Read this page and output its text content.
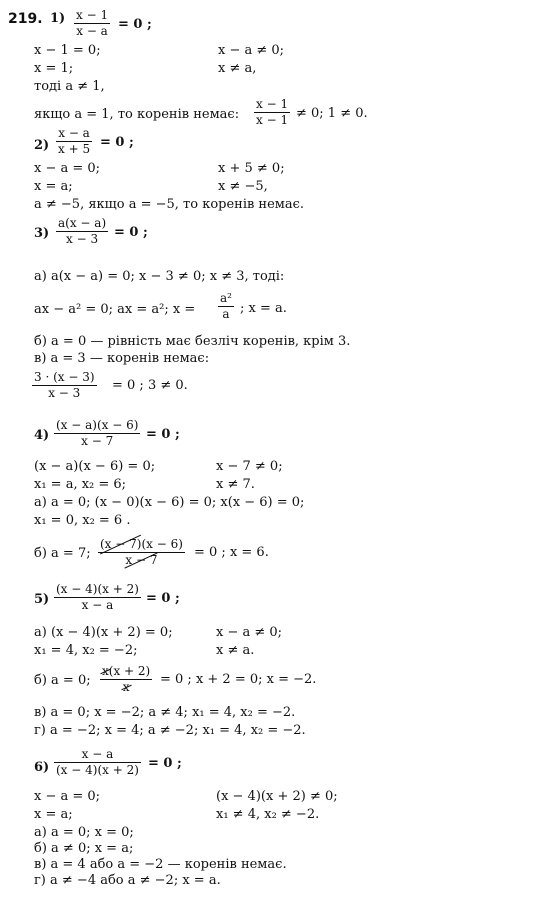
219. $1) \frac{x - 1}{x - a} = 0$ ;
x − 1 = 0;	x − a ≠ 0;
x = 1;	x ≠ a,
тоді a ≠ 1,
якщо a = 1, то коренів немає: $\frac{x - 1}{x - 1} \ne 0$; 1 ≠ 0.
$2) \frac{x - a}{x + 5} = 0$ ;
x − a = 0;	x + 5 ≠ 0;
x = a;	x ≠ −5,
a ≠ −5, якщо a = −5, то коренів немає.
$3) \frac{a(x - a)}{x - 3} = 0$ ;
а) a(x − a) = 0; x − 3 ≠ 0; x ≠ 3, тоді:
ax − a² = 0; ax = a²; $x = \frac{\text{a²}}{a}$ ; x = a.
б) a = 0 — рівність має безліч коренів, крім 3.
в) a = 3 — коренів немає:
$\frac{3 \cdot (x - 3)}{x - 3} = 0$ ; 3 ≠ 0.
$4) \frac{(x - a)(x - 6)}{x - 7} = 0$ ;
(x − a)(x − 6) = 0;	x − 7 ≠ 0;
x₁ = a, x₂ = 6;	x ≠ 7.
а) a = 0; (x − 0)(x − 6) = 0; x(x − 6) = 0;
x₁ = 0, x₂ = 6 .
б) a = 7; (x − 7)
(x − 6)
x − 7 = 0 ; x = 6.
$5) \frac{(x - 4)(x + 2)}{x - a} = 0$ ;
а) (x − 4)(x + 2) = 0;	x − a ≠ 0;
x₁ = 4, x₂ = −2;	x ≠ a.
б) a = 0; x
(x + 2)
x = 0 ; x + 2 = 0; x = −2.
в) a = 0; x = −2; a ≠ 4; x₁ = 4, x₂ = −2.
г) a = −2; x = 4; a ≠ −2; x₁ = 4, x₂ = −2.
$6) \frac{x - a}{(x - 4)(x + 2)} = 0$ ;
x − a = 0;	(x − 4)(x + 2) ≠ 0;
x = a;	x₁ ≠ 4, x₂ ≠ −2.
а) a = 0; x = 0;
б) a ≠ 0; x = a;
в) a = 4 або a = −2 — коренів немає.
г) a ≠ −4 або a ≠ −2; x = a.
